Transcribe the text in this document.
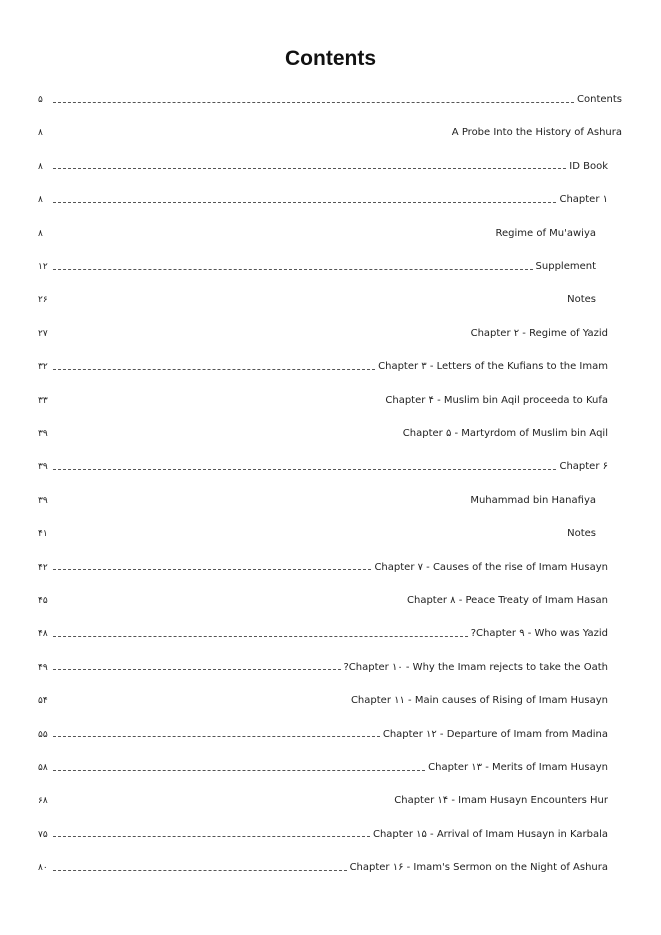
Contents
۵	Contents
۸	A Probe Into the History of Ashura
۸	ID Book
۸	Chapter ۱
۸	Regime of Mu'awiya
۱۲	Supplement
۲۶	Notes
۲۷	Chapter ۲ - Regime of Yazid
۳۲	Chapter ۳ - Letters of the Kufians to the Imam
۳۳	Chapter ۴ - Muslim bin Aqil proceeda to Kufa
۳۹	Chapter ۵ - Martyrdom of Muslim bin Aqil
۳۹	Chapter ۶
۳۹	Muhammad bin Hanafiya
۴۱	Notes
۴۲	Chapter ۷ - Causes of the rise of Imam Husayn
۴۵	Chapter ۸ - Peace Treaty of Imam Hasan
۴۸	?Chapter ۹ - Who was Yazid
۴۹	?Chapter ۱۰ - Why the Imam rejects to take the Oath
۵۴	Chapter ۱۱ - Main causes of Rising of Imam Husayn
۵۵	Chapter ۱۲ - Departure of Imam from Madina
۵۸	Chapter ۱۳ - Merits of Imam Husayn
۶۸	Chapter ۱۴ - Imam Husayn Encounters Hur
۷۵	Chapter ۱۵ - Arrival of Imam Husayn in Karbala
۸۰	Chapter ۱۶ - Imam's Sermon on the Night of Ashura
